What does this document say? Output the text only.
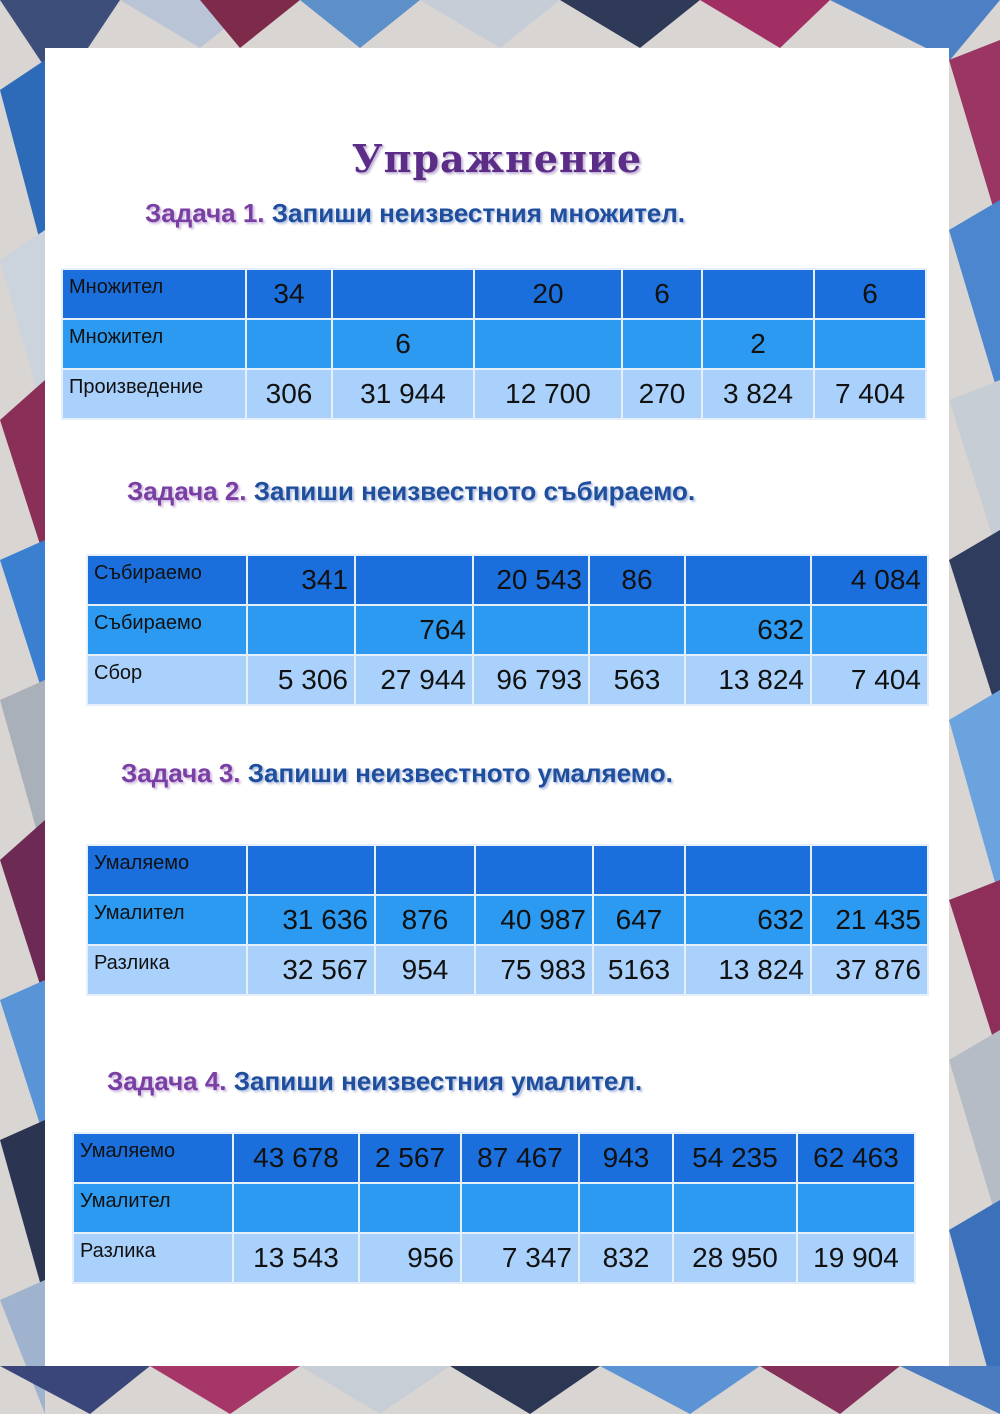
Упражнение
Задача 1. Запиши неизвестния множител.
Множител	34		20	6		6
Множител		6			2	
Произведение	306	31 944	12 700	270	3 824	7 404
Задача 2. Запиши неизвестното събираемо.
Събираемо	341		20 543	86		4 084
Събираемо		764			632	
Сбор	5 306	27 944	96 793	563	13 824	7 404
Задача 3. Запиши неизвестното умаляемо.
Умаляемо						
Умалител	31 636	876	40 987	647	632	21 435
Разлика	32 567	954	75 983	5163	13 824	37 876
Задача 4. Запиши неизвестния умалител.
Умаляемо	43 678	2 567	87 467	943	54 235	62 463
Умалител						
Разлика	13 543	956	7 347	832	28 950	19 904
